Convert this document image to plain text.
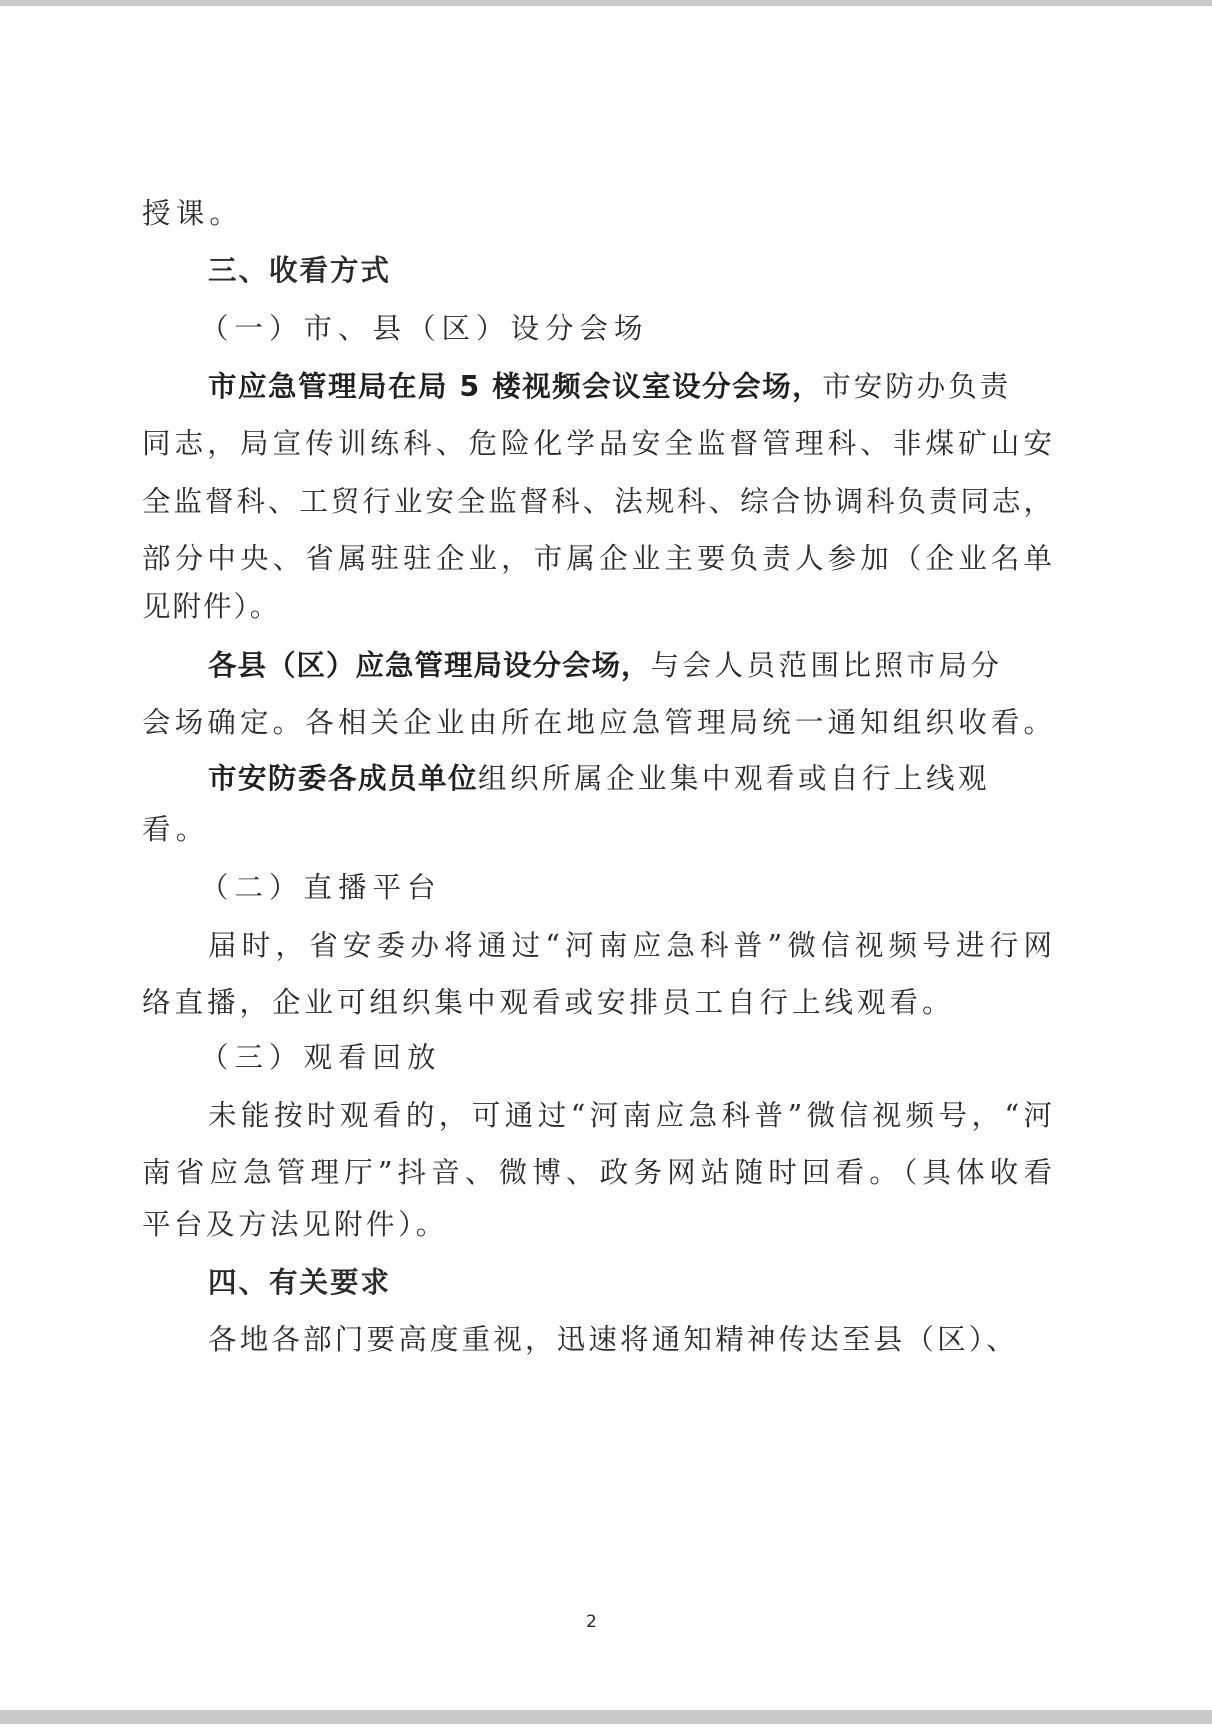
授课。
三、收看方式
（一）市、县（区）设分会场
市应急管理局在局 5 楼视频会议室设分会场，市安防办负责
同志，局宣传训练科、危险化学品安全监督管理科、非煤矿山安
全监督科、工贸行业安全监督科、法规科、综合协调科负责同志，
部分中央、省属驻驻企业，市属企业主要负责人参加（企业名单
见附件）。
各县（区）应急管理局设分会场，与会人员范围比照市局分
会场确定。各相关企业由所在地应急管理局统一通知组织收看。
市安防委各成员单位组织所属企业集中观看或自行上线观
看。
（二）直播平台
届时，省安委办将通过“河南应急科普”微信视频号进行网
络直播，企业可组织集中观看或安排员工自行上线观看。
（三）观看回放
未能按时观看的，可通过“河南应急科普”微信视频号，“河
南省应急管理厅”抖音、微博、政务网站随时回看。（具体收看
平台及方法见附件）。
四、有关要求
各地各部门要高度重视，迅速将通知精神传达至县（区）、
2
